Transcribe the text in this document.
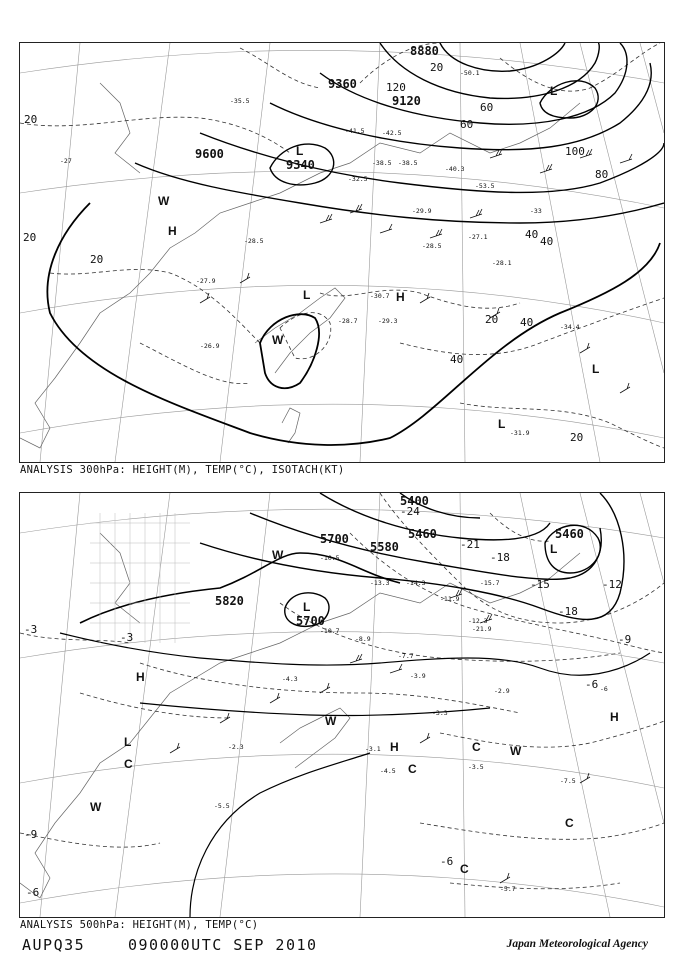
8880
9120
9360
9600
9340
20
40
60
80
100
120
20
20
40
20
20
40
20	40
60
-42.5
-40.3
-38.5
-35.5
-32.5
-30.7
-29.9
-29.3
-28.7
-28.5
-28.1
-27.9
-27.1
-26.9
-31.9
-34.4
-41.5
-50.1
-53.5
-38.5
-33
-27
-28.5
L
L
H
H
L
L
L
W
W
ANALYSIS 300hPa: HEIGHT(M), TEMP(°C), ISOTACH(KT)
5400
5460
5580
5700
5820
5460
5700
-24
-21
-18
-18
-15	-12
-9
-6
-3
-3
-6
-6
-9
-10.5
-13.3	-14.3
-11.9
-12.3
-10.7
-8.9
-7.7
-3.9
-4.3
-2.9
-3.3
-3.1
-4.5
-5.5
-7.5
-5.7
-3.5
-2.3
-6
-15.7
-21.9
L
L
L
H
H
H
C	C
C
C
C
W
W
W
W
ANALYSIS 500hPa: HEIGHT(M), TEMP(°C)
AUPQ35	090000UTC SEP 2010	Japan Meteorological Agency
